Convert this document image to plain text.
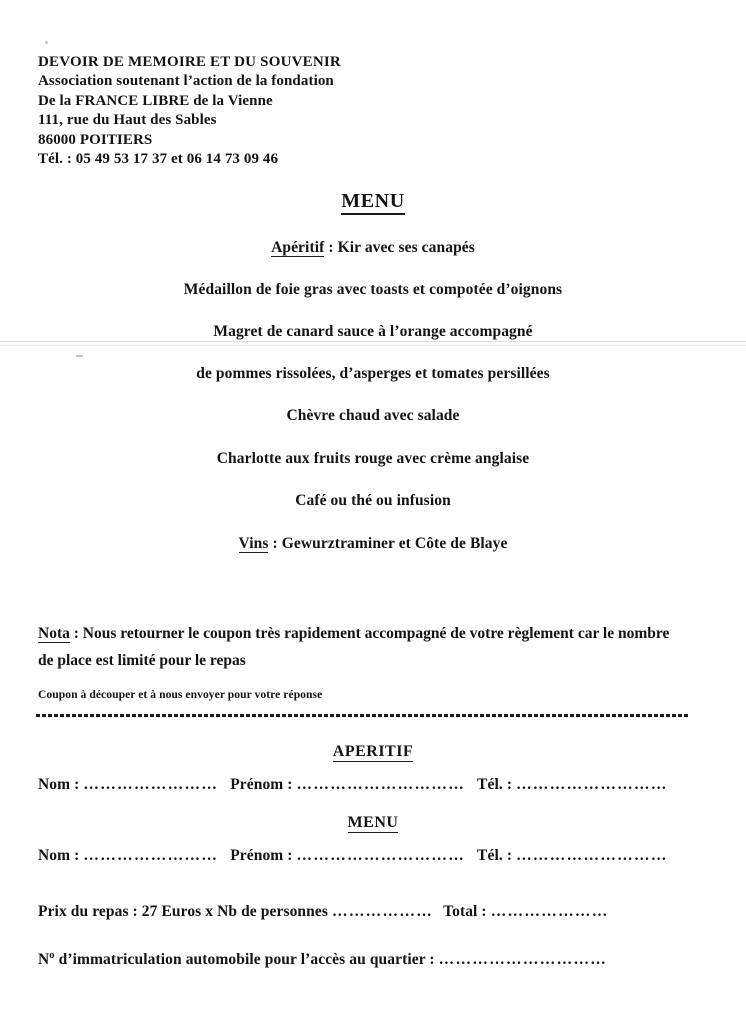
DEVOIR DE MEMOIRE ET DU SOUVENIR
Association soutenant l’action de la fondation
De la FRANCE LIBRE de la Vienne
111, rue du Haut des Sables
86000 POITIERS
Tél. : 05 49 53 17 37 et 06 14 73 09 46
MENU
Apéritif : Kir avec ses canapés
Médaillon de foie gras avec toasts et compotée d’oignons
Magret de canard sauce à l’orange accompagné
de pommes rissolées, d’asperges et tomates persillées
Chèvre chaud avec salade
Charlotte aux fruits rouge avec crème anglaise
Café ou thé ou infusion
Vins : Gewurztraminer et Côte de Blaye
Nota : Nous retourner le coupon très rapidement accompagné de votre règlement car le nombre de place est limité pour le repas
Coupon à découper et à nous envoyer pour votre réponse
APERITIF
Nom : …………………… Prénom : ………………………… Tél. : ………………………
MENU
Nom : …………………… Prénom : ………………………… Tél. : ………………………
Prix du repas : 27 Euros x Nb de personnes ……………… Total : …………………
$N^o$ d’immatriculation automobile pour l’accès au quartier : …………………………
